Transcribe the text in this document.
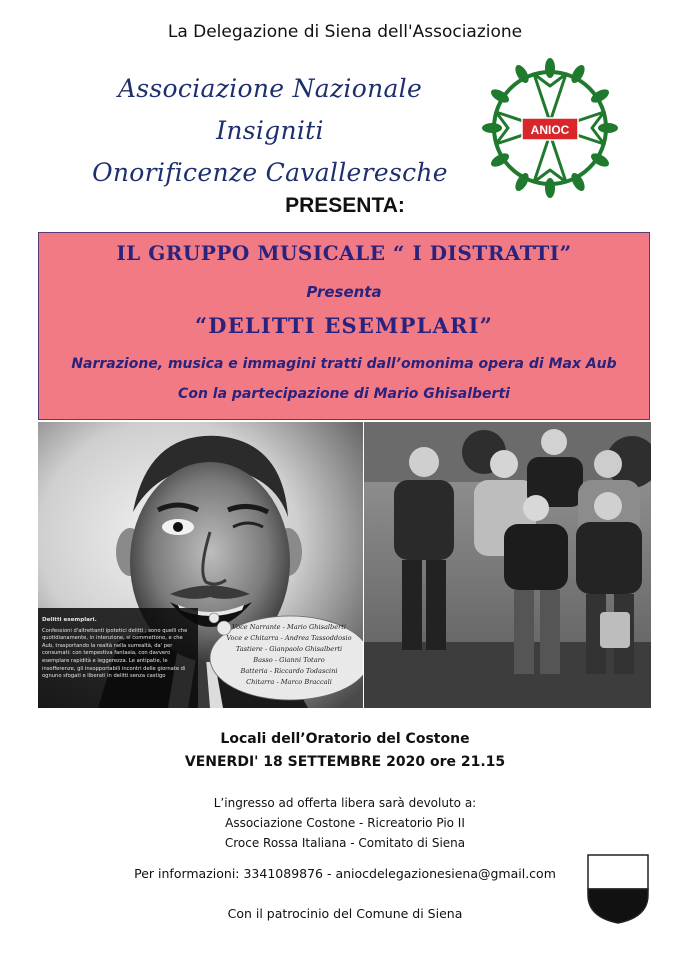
La Delegazione di Siena dell'Associazione
Associazione Nazionale Insigniti
Onorificenze Cavalleresche
ANIOC
PRESENTA:
IL GRUPPO MUSICALE “ I DISTRATTI”
Presenta
“DELITTI ESEMPLARI”
Narrazione, musica e immagini tratti dall’omonima opera di Max Aub
Con la partecipazione di Mario Ghisalberti
Delitti esemplari.
Confessioni d'altrettanti ipotetici delitti ; sono quelli che quotidianamente, in intenzione, si commettono, e che Aub, trasportando la realtà nella surrealtà, da' per consumati: con tempestiva fantasia, con davvero esemplare rapidità e leggerezza. Le antipatie, le insofferenze, gli insopportabili incontri delle giornate di ognuno sfogati e liberati in delitti senza castigo
Voce Narrante - Mario Ghisalberti
Voce e Chitarra - Andrea Tassoddosio
Tastiere - Gianpaolo Ghisalberti
Basso - Gianni Totaro
Batteria - Riccardo Todascini
Chitarra - Marco Braccali
Locali dell’Oratorio del Costone
VENERDI' 18 SETTEMBRE 2020 ore 21.15
L’ingresso ad offerta libera sarà devoluto a:
Associazione Costone - Ricreatorio Pio II
Croce Rossa Italiana - Comitato di Siena
Per informazioni: 3341089876 - aniocdelegazionesiena@gmail.com
Con il patrocinio del Comune di Siena
